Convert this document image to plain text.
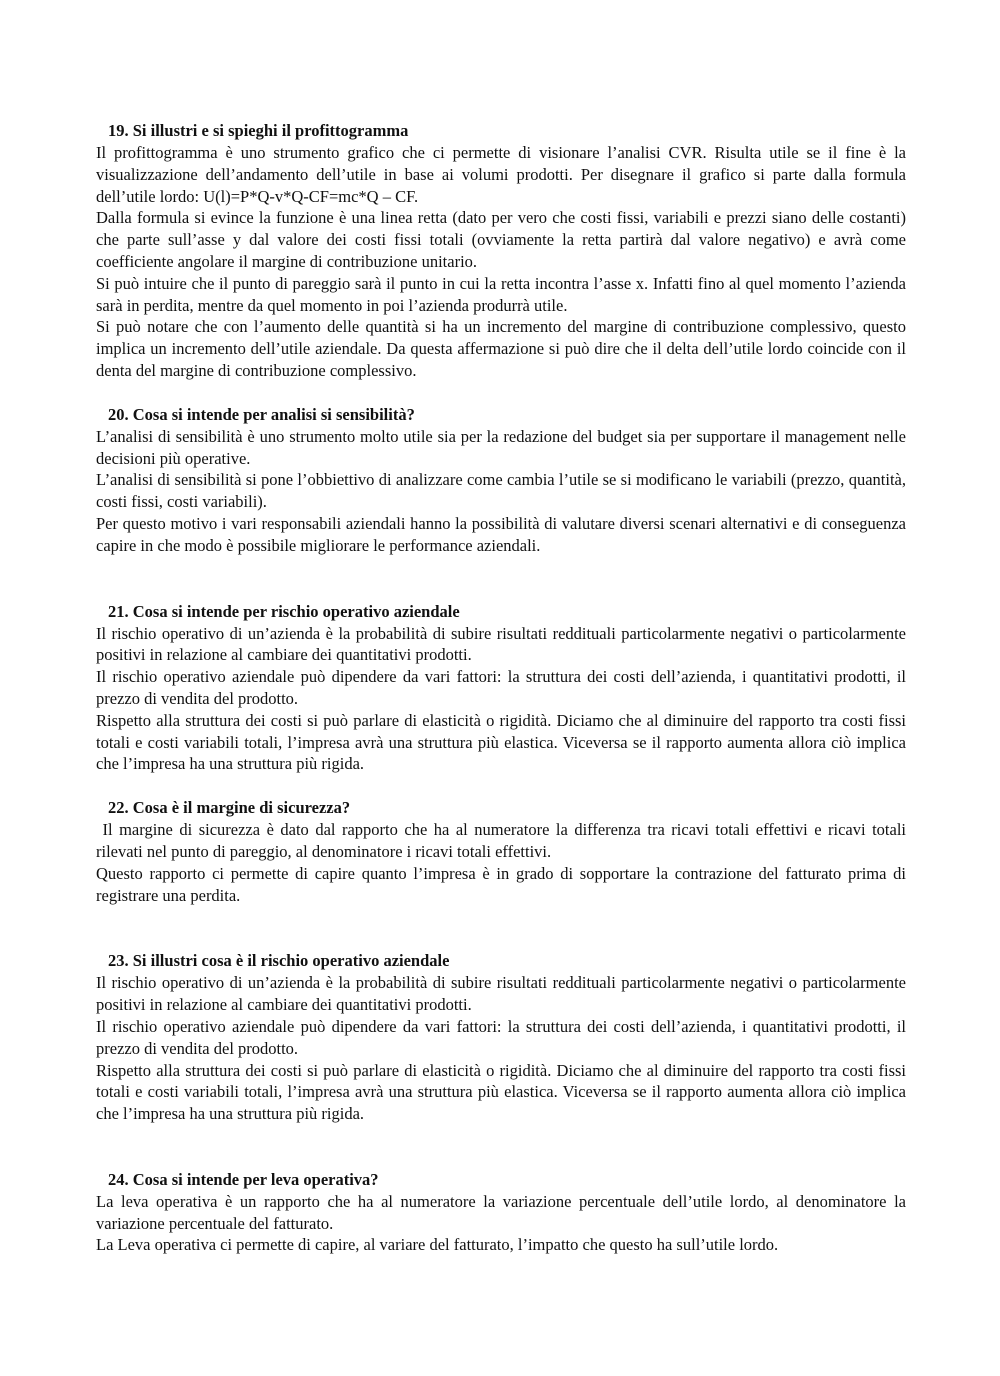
19. Si illustri e si spieghi il profittogramma

Il profittogramma è uno strumento grafico che ci permette di visionare l’analisi CVR. Risulta utile se il fine è la visualizzazione dell’andamento dell’utile in base ai volumi prodotti. Per disegnare il grafico si parte dalla formula dell’utile lordo: U(l)=P*Q-v*Q-CF=mc*Q – CF.

Dalla formula si evince la funzione è una linea retta (dato per vero che costi fissi, variabili e prezzi siano delle costanti) che parte sull’asse y dal valore dei costi fissi totali (ovviamente la retta partirà dal valore negativo) e avrà come coefficiente angolare il margine di contribuzione unitario.

Si può intuire che il punto di pareggio sarà il punto in cui la retta incontra l’asse x. Infatti fino al quel momento l’azienda sarà in perdita, mentre da quel momento in poi l’azienda produrrà utile.

Si può notare che con l’aumento delle quantità si ha un incremento del margine di contribuzione complessivo, questo implica un incremento dell’utile aziendale. Da questa affermazione si può dire che il delta dell’utile lordo coincide con il denta del margine di contribuzione complessivo.

20. Cosa si intende per analisi si sensibilità?

L’analisi di sensibilità è uno strumento molto utile sia per la redazione del budget sia per supportare il management nelle decisioni più operative.

L’analisi di sensibilità si pone l’obbiettivo di analizzare come cambia l’utile se si modificano le variabili (prezzo, quantità, costi fissi, costi variabili).

Per questo motivo i vari responsabili aziendali hanno la possibilità di valutare diversi scenari alternativi e di conseguenza capire in che modo è possibile migliorare le performance aziendali.

21. Cosa si intende per rischio operativo aziendale

Il rischio operativo di un’azienda è la probabilità di subire risultati reddituali particolarmente negativi o particolarmente positivi in relazione al cambiare dei quantitativi prodotti.

Il rischio operativo aziendale può dipendere da vari fattori: la struttura dei costi dell’azienda, i quantitativi prodotti, il prezzo di vendita del prodotto.

Rispetto alla struttura dei costi si può parlare di elasticità o rigidità. Diciamo che al diminuire del rapporto tra costi fissi totali e costi variabili totali, l’impresa avrà una struttura più elastica. Viceversa se il rapporto aumenta allora ciò implica che l’impresa ha una struttura più rigida.

22. Cosa è il margine di sicurezza?

Il margine di sicurezza è dato dal rapporto che ha al numeratore la differenza tra ricavi totali effettivi e ricavi totali rilevati nel punto di pareggio, al denominatore i ricavi totali effettivi.

Questo rapporto ci permette di capire quanto l’impresa è in grado di sopportare la contrazione del fatturato prima di registrare una perdita.

23. Si illustri cosa è il rischio operativo aziendale

Il rischio operativo di un’azienda è la probabilità di subire risultati reddituali particolarmente negativi o particolarmente positivi in relazione al cambiare dei quantitativi prodotti.

Il rischio operativo aziendale può dipendere da vari fattori: la struttura dei costi dell’azienda, i quantitativi prodotti, il prezzo di vendita del prodotto.

Rispetto alla struttura dei costi si può parlare di elasticità o rigidità. Diciamo che al diminuire del rapporto tra costi fissi totali e costi variabili totali, l’impresa avrà una struttura più elastica. Viceversa se il rapporto aumenta allora ciò implica che l’impresa ha una struttura più rigida.

24. Cosa si intende per leva operativa?

La leva operativa è un rapporto che ha al numeratore la variazione percentuale dell’utile lordo, al denominatore la variazione percentuale del fatturato.

La Leva operativa ci permette di capire, al variare del fatturato, l’impatto che questo ha sull’utile lordo.
